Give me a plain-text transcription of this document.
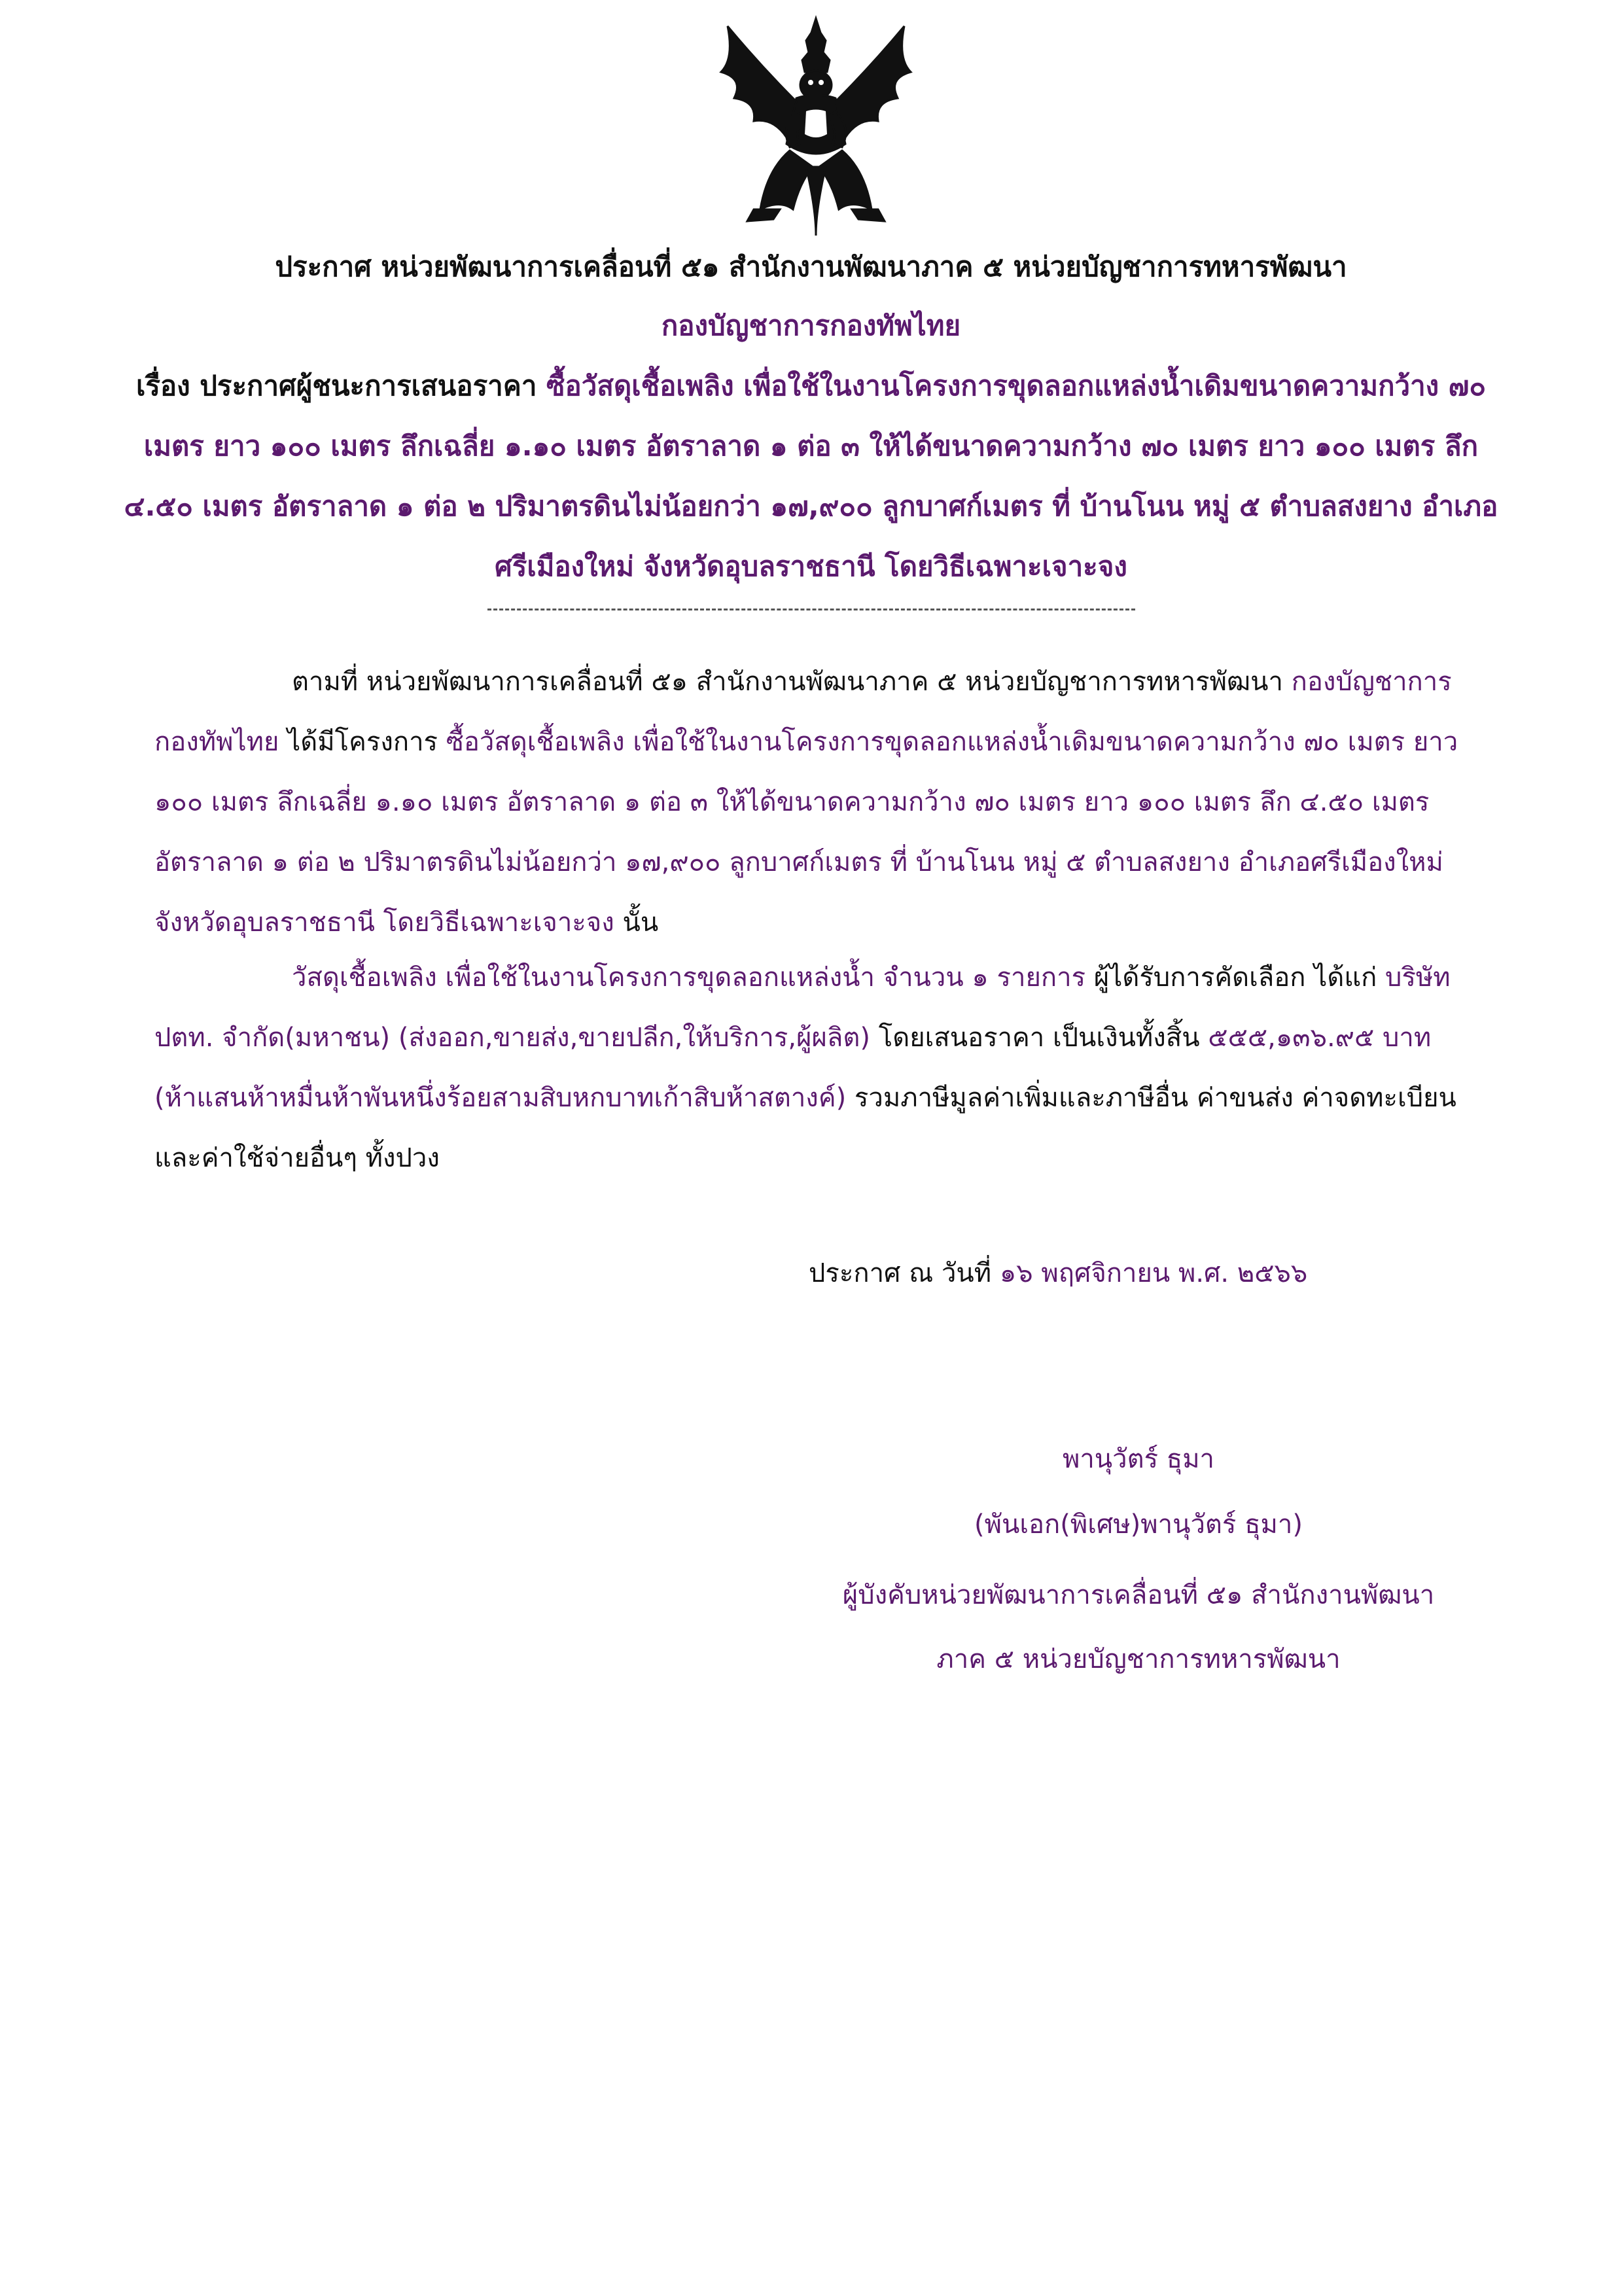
ประกาศ หน่วยพัฒนาการเคลื่อนที่ ๕๑ สำนักงานพัฒนาภาค ๕ หน่วยบัญชาการทหารพัฒนา
กองบัญชาการกองทัพไทย
เรื่อง ประกาศผู้ชนะการเสนอราคา ซื้อวัสดุเชื้อเพลิง เพื่อใช้ในงานโครงการขุดลอกแหล่งน้ำเดิมขนาดความกว้าง ๗๐ เมตร ยาว ๑๐๐ เมตร ลึกเฉลี่ย ๑.๑๐ เมตร อัตราลาด ๑ ต่อ ๓ ให้ได้ขนาดความกว้าง ๗๐ เมตร ยาว ๑๐๐ เมตร ลึก ๔.๕๐ เมตร อัตราลาด ๑ ต่อ ๒ ปริมาตรดินไม่น้อยกว่า ๑๗,๙๐๐ ลูกบาศก์เมตร ที่ บ้านโนน หมู่ ๕ ตำบลสงยาง อำเภอศรีเมืองใหม่ จังหวัดอุบลราชธานี โดยวิธีเฉพาะเจาะจง
ตามที่ หน่วยพัฒนาการเคลื่อนที่ ๕๑ สำนักงานพัฒนาภาค ๕ หน่วยบัญชาการทหารพัฒนา กองบัญชาการกองทัพไทย ได้มีโครงการ ซื้อวัสดุเชื้อเพลิง เพื่อใช้ในงานโครงการขุดลอกแหล่งน้ำเดิมขนาดความกว้าง ๗๐ เมตร ยาว ๑๐๐ เมตร ลึกเฉลี่ย ๑.๑๐ เมตร อัตราลาด ๑ ต่อ ๓ ให้ได้ขนาดความกว้าง ๗๐ เมตร ยาว ๑๐๐ เมตร ลึก ๔.๕๐ เมตร อัตราลาด ๑ ต่อ ๒ ปริมาตรดินไม่น้อยกว่า ๑๗,๙๐๐ ลูกบาศก์เมตร ที่ บ้านโนน หมู่ ๕ ตำบลสงยาง อำเภอศรีเมืองใหม่ จังหวัดอุบลราชธานี โดยวิธีเฉพาะเจาะจง นั้น
วัสดุเชื้อเพลิง เพื่อใช้ในงานโครงการขุดลอกแหล่งน้ำ จำนวน ๑ รายการ ผู้ได้รับการคัดเลือก ได้แก่ บริษัท ปตท. จำกัด(มหาชน) (ส่งออก,ขายส่ง,ขายปลีก,ให้บริการ,ผู้ผลิต) โดยเสนอราคา เป็นเงินทั้งสิ้น ๕๕๕,๑๓๖.๙๕ บาท (ห้าแสนห้าหมื่นห้าพันหนึ่งร้อยสามสิบหกบาทเก้าสิบห้าสตางค์) รวมภาษีมูลค่าเพิ่มและภาษีอื่น ค่าขนส่ง ค่าจดทะเบียน และค่าใช้จ่ายอื่นๆ ทั้งปวง
ประกาศ ณ วันที่ ๑๖ พฤศจิกายน พ.ศ. ๒๕๖๖
พานุวัตร์ ธุมา
(พันเอก(พิเศษ)พานุวัตร์ ธุมา)
ผู้บังคับหน่วยพัฒนาการเคลื่อนที่ ๕๑ สำนักงานพัฒนา
ภาค ๕ หน่วยบัญชาการทหารพัฒนา
